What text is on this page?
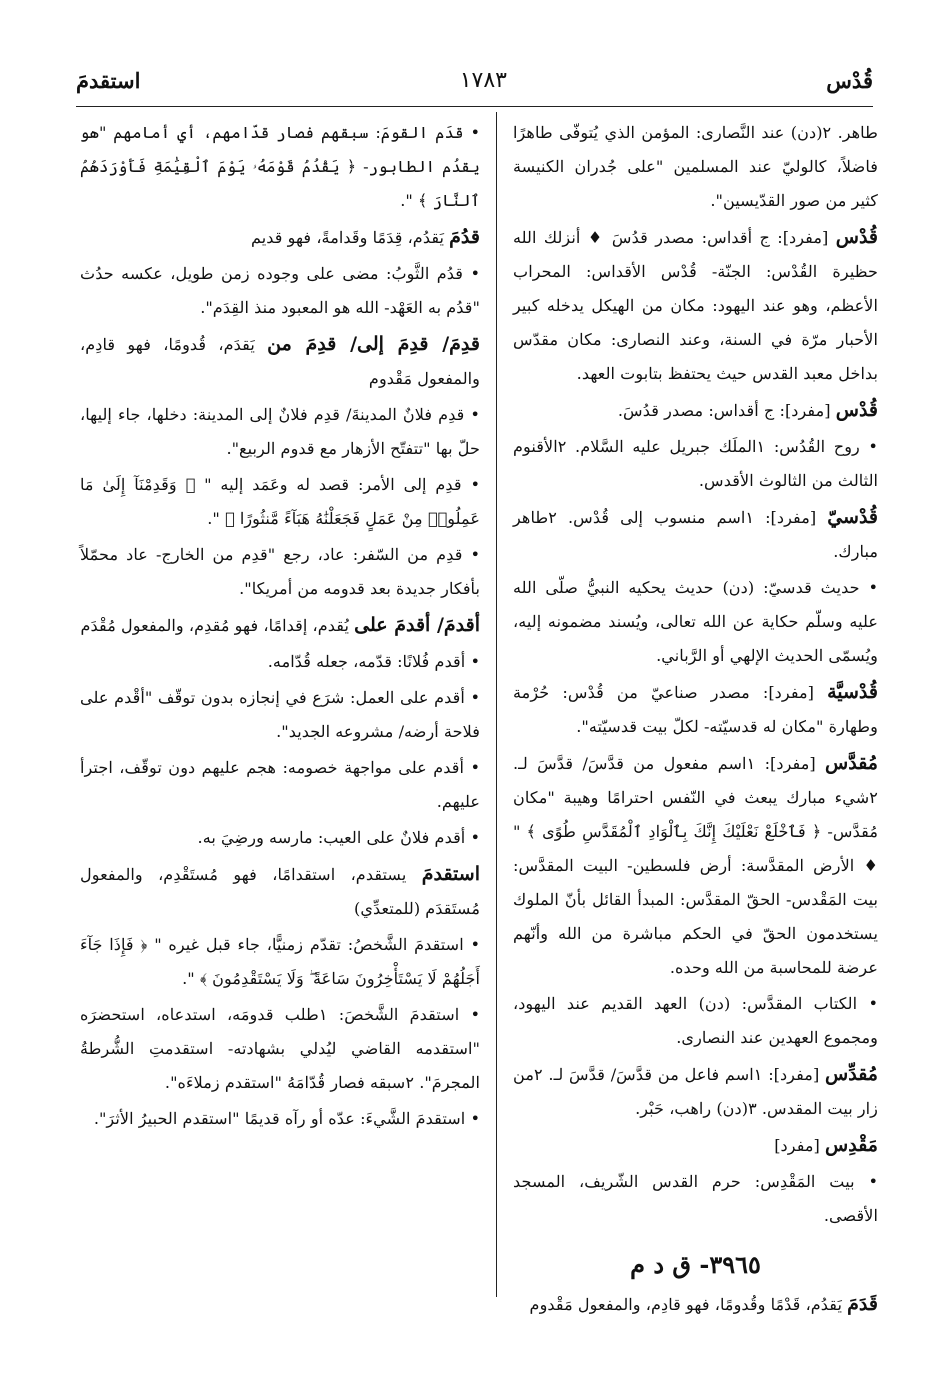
قُدْس
١٧٨٣
استقدمَ
طاهر. ٢(دن) عند النَّصارى: المؤمن الذي يُتوفّى طاهرًا فاضلاً، كالوليّ عند المسلمين "على جُدران الكنيسة كثير من صور القدّيسين".
قُدْس [مفرد]: ج أقداس: مصدر قدُسَ ♦ أنزلك الله حظيرة القُدْس: الجنّة- قُدْس الأقداس: المحراب الأعظم، وهو عند اليهود: مكان من الهيكل يدخله كبير الأحبار مرّة في السنة، وعند النصارى: مكان مقدّس بداخل معبد القدس حيث يحتفظ بتابوت العهد.
قُدْس [مفرد]: ج أقداس: مصدر قدُسَ.
• روح القُدُس: ١الملَك جبريل عليه السَّلام. ٢الأقنوم الثالث من الثالوث الأقدس.
قُدْسيّ [مفرد]: ١اسم منسوب إلى قُدْس. ٢طاهر مبارك.
• حديث قدسيّ: (دن) حديث يحكيه النبيُّ صلّى الله عليه وسلّم حكاية عن الله تعالى، ويُسند مضمونه إليه، ويُسمّى الحديث الإلهي أو الرَّباني.
قُدْسيَّة [مفرد]: مصدر صناعيّ من قُدْس: حُرْمة وطهارة "مكان له قدسيّته- لكلّ بيت قدسيّته".
مُقدَّس [مفرد]: ١اسم مفعول من قدَّسَ/ قدَّسَ لـ. ٢شيء مبارك يبعث في النّفس احترامًا وهيبة "مكان مُقدَّس- ﴿ فَٱخْلَعْ نَعْلَيْكَ إِنَّكَ بِٱلْوَادِ ٱلْمُقَدَّسِ طُوًى ﴾ " ♦ الأرض المقدَّسة: أرض فلسطين- البيت المقدَّس: بيت المَقْدس- الحقّ المقدَّس: المبدأ القائل بأنّ الملوك يستخدمون الحقّ في الحكم مباشرة من الله وأنّهم عرضة للمحاسبة من الله وحده.
• الكتاب المقدَّس: (دن) العهد القديم عند اليهود، ومجموع العهدين عند النصارى.
مُقدِّس [مفرد]: ١اسم فاعل من قدَّسَ/ قدَّسَ لـ. ٢من زار بيت المقدس. ٣(دن) راهب، حَبْر.
مَقْدِس [مفرد]
• بيت المَقْدِس: حرم القدس الشّريف، المسجد الأقصى.
٣٩٦٥- ق د م
قَدَمَ يَقدُم، قَدْمًا وقُدومًا، فهو قادِم، والمفعول مَقْدوم
• قدَم القومَ: سبقهم فصار قدّامهم، أي أمامهم "هو يقدُم الطابور- ﴿ يَقْدُمُ قَوْمَهُۥ يَوْمَ ٱلْقِيَٰمَةِ فَأَوْرَدَهُمُ ٱلنَّارَ ﴾ ".
قدُمَ يَقدُم، قِدَمًا وقَدامةً، فهو قديم
• قدُم الثَّوبُ: مضى على وجوده زمن طويل، عكسه حدُث "قدُم به العَهْد- الله هو المعبود منذ القِدَم".
قدِمَ/ قدِمَ إلى/ قدِمَ من يَقدَم، قُدومًا، فهو قادِم، والمفعول مَقْدوم
• قدِم فلانٌ المدينةَ/ قدِم فلانٌ إلى المدينة: دخلها، جاء إليها، حلّ بها "تتفتّح الأزهار مع قدوم الربيع".
• قدِم إلى الأمر: قصد له وعَمَد إليه " ﴿ وَقَدِمْنَآ إِلَىٰ مَا عَمِلُوا۟ مِنْ عَمَلٍ فَجَعَلْنَٰهُ هَبَآءً مَّنثُورًا ﴾ ".
• قدِم من السّفر: عاد، رجع "قدِم من الخارج- عاد محمّلاً بأفكار جديدة بعد قدومه من أمريكا".
أقدمَ/ أقدمَ على يُقدم، إقدامًا، فهو مُقدِم، والمفعول مُقْدَم
• أقدم فُلانًا: قدّمه، جعله قُدّامه.
• أقدم على العمل: شرَع في إنجازه بدون توقّف "أقْدم على فلاحة أرضه/ مشروعه الجديد".
• أقدم على مواجهة خصومه: هجم عليهم دون توقّف، اجترأ عليهم.
• أقدم فلانٌ على العيب: مارسه ورضِيَ به.
استقدمَ يستقدم، استقدامًا، فهو مُستَقْدِم، والمفعول مُستَقدَم (للمتعدِّي)
• استقدمَ الشَّخصُ: تقدّم زمنيًّا، جاء قبل غيره " ﴿ فَإِذَا جَآءَ أَجَلُهُمْ لَا يَسْتَأْخِرُونَ سَاعَةً ۖ وَلَا يَسْتَقْدِمُونَ ﴾ ".
• استقدمَ الشَّخصَ: ١طلب قدومَه، استدعاه، استحضرَه "استقدمه القاضي ليُدلي بشهادته- استقدمتِ الشُّرطةُ المجرمَ". ٢سبقه فصار قُدّامَهُ "استقدم زملاءَه".
• استقدمَ الشَّيءَ: عدّه أو رآه قديمًا "استقدم الحبيرُ الأثرَ".
